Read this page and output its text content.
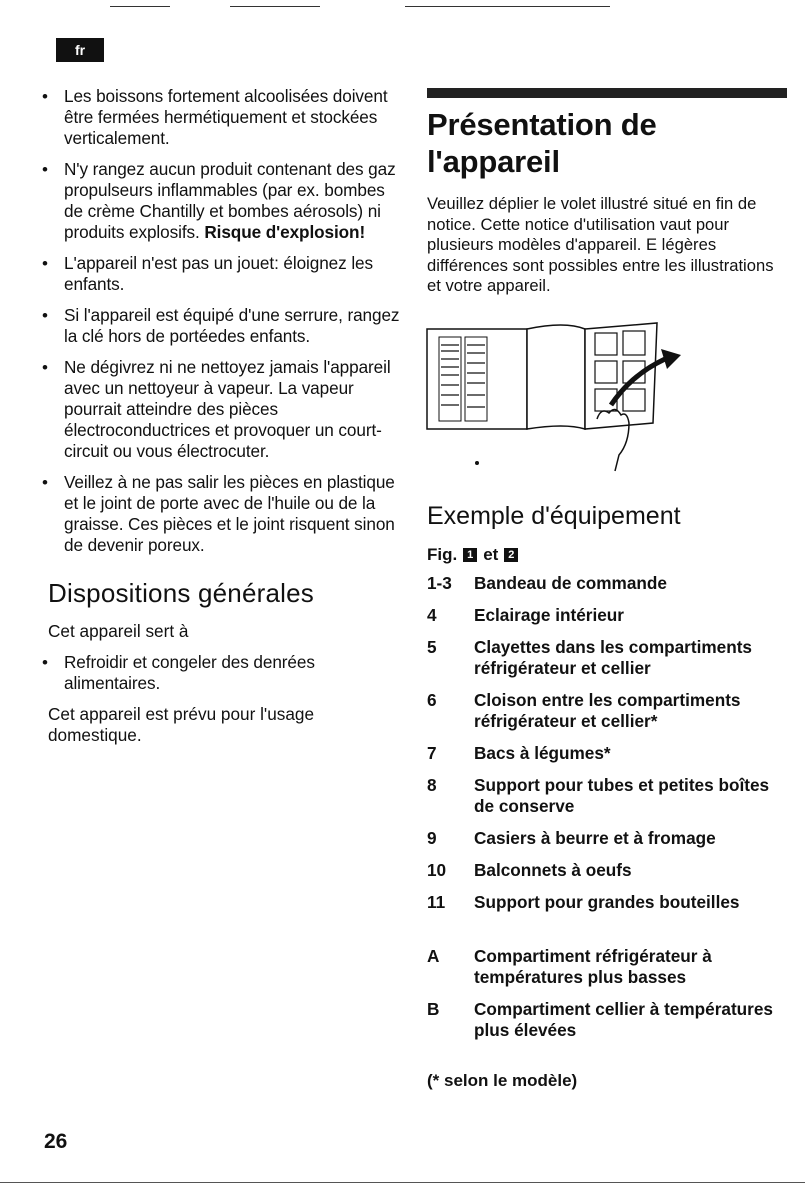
fr
• Les boissons fortement alcoolisées doivent être fermées hermétiquement et stockées verticalement.
• N'y rangez aucun produit contenant des gaz propulseurs inflammables (par ex. bombes de crème Chantilly et bombes aérosols) ni produits explosifs. Risque d'explosion!
• L'appareil n'est pas un jouet: éloignez les enfants.
• Si l'appareil est équipé d'une serrure, rangez la clé hors de portéedes enfants.
• Ne dégivrez ni ne nettoyez jamais l'appareil avec un nettoyeur à vapeur. La vapeur pourrait atteindre des pièces électroconductrices et provoquer un court-circuit ou vous électrocuter.
• Veillez à ne pas salir les pièces en plastique et le joint de porte avec de l'huile ou de la graisse. Ces pièces et le joint risquent sinon de devenir poreux.
Dispositions générales

Cet appareil sert à

• Refroidir et congeler des denrées alimentaires.

Cet appareil est prévu pour l'usage domestique.

Présentation de l'appareil

Veuillez déplier le volet illustré situé en fin de notice. Cette notice d'utilisation vaut pour plusieurs modèles d'appareil. E légères différences sont possibles entre les illustrations et votre appareil.

Exemple d'équipement
Fig. 1 et 2
1-3	Bandeau de commande
4	Eclairage intérieur
5	Clayettes dans les compartiments réfrigérateur et cellier
6	Cloison entre les compartiments réfrigérateur et cellier*
7	Bacs à légumes*
8	Support pour tubes et petites boîtes de conserve
9	Casiers à beurre et à fromage
10	Balconnets à oeufs
11	Support pour grandes bouteilles
A	Compartiment réfrigérateur à températures plus basses
B	Compartiment cellier à températures plus élevées
(* selon le modèle)
26
